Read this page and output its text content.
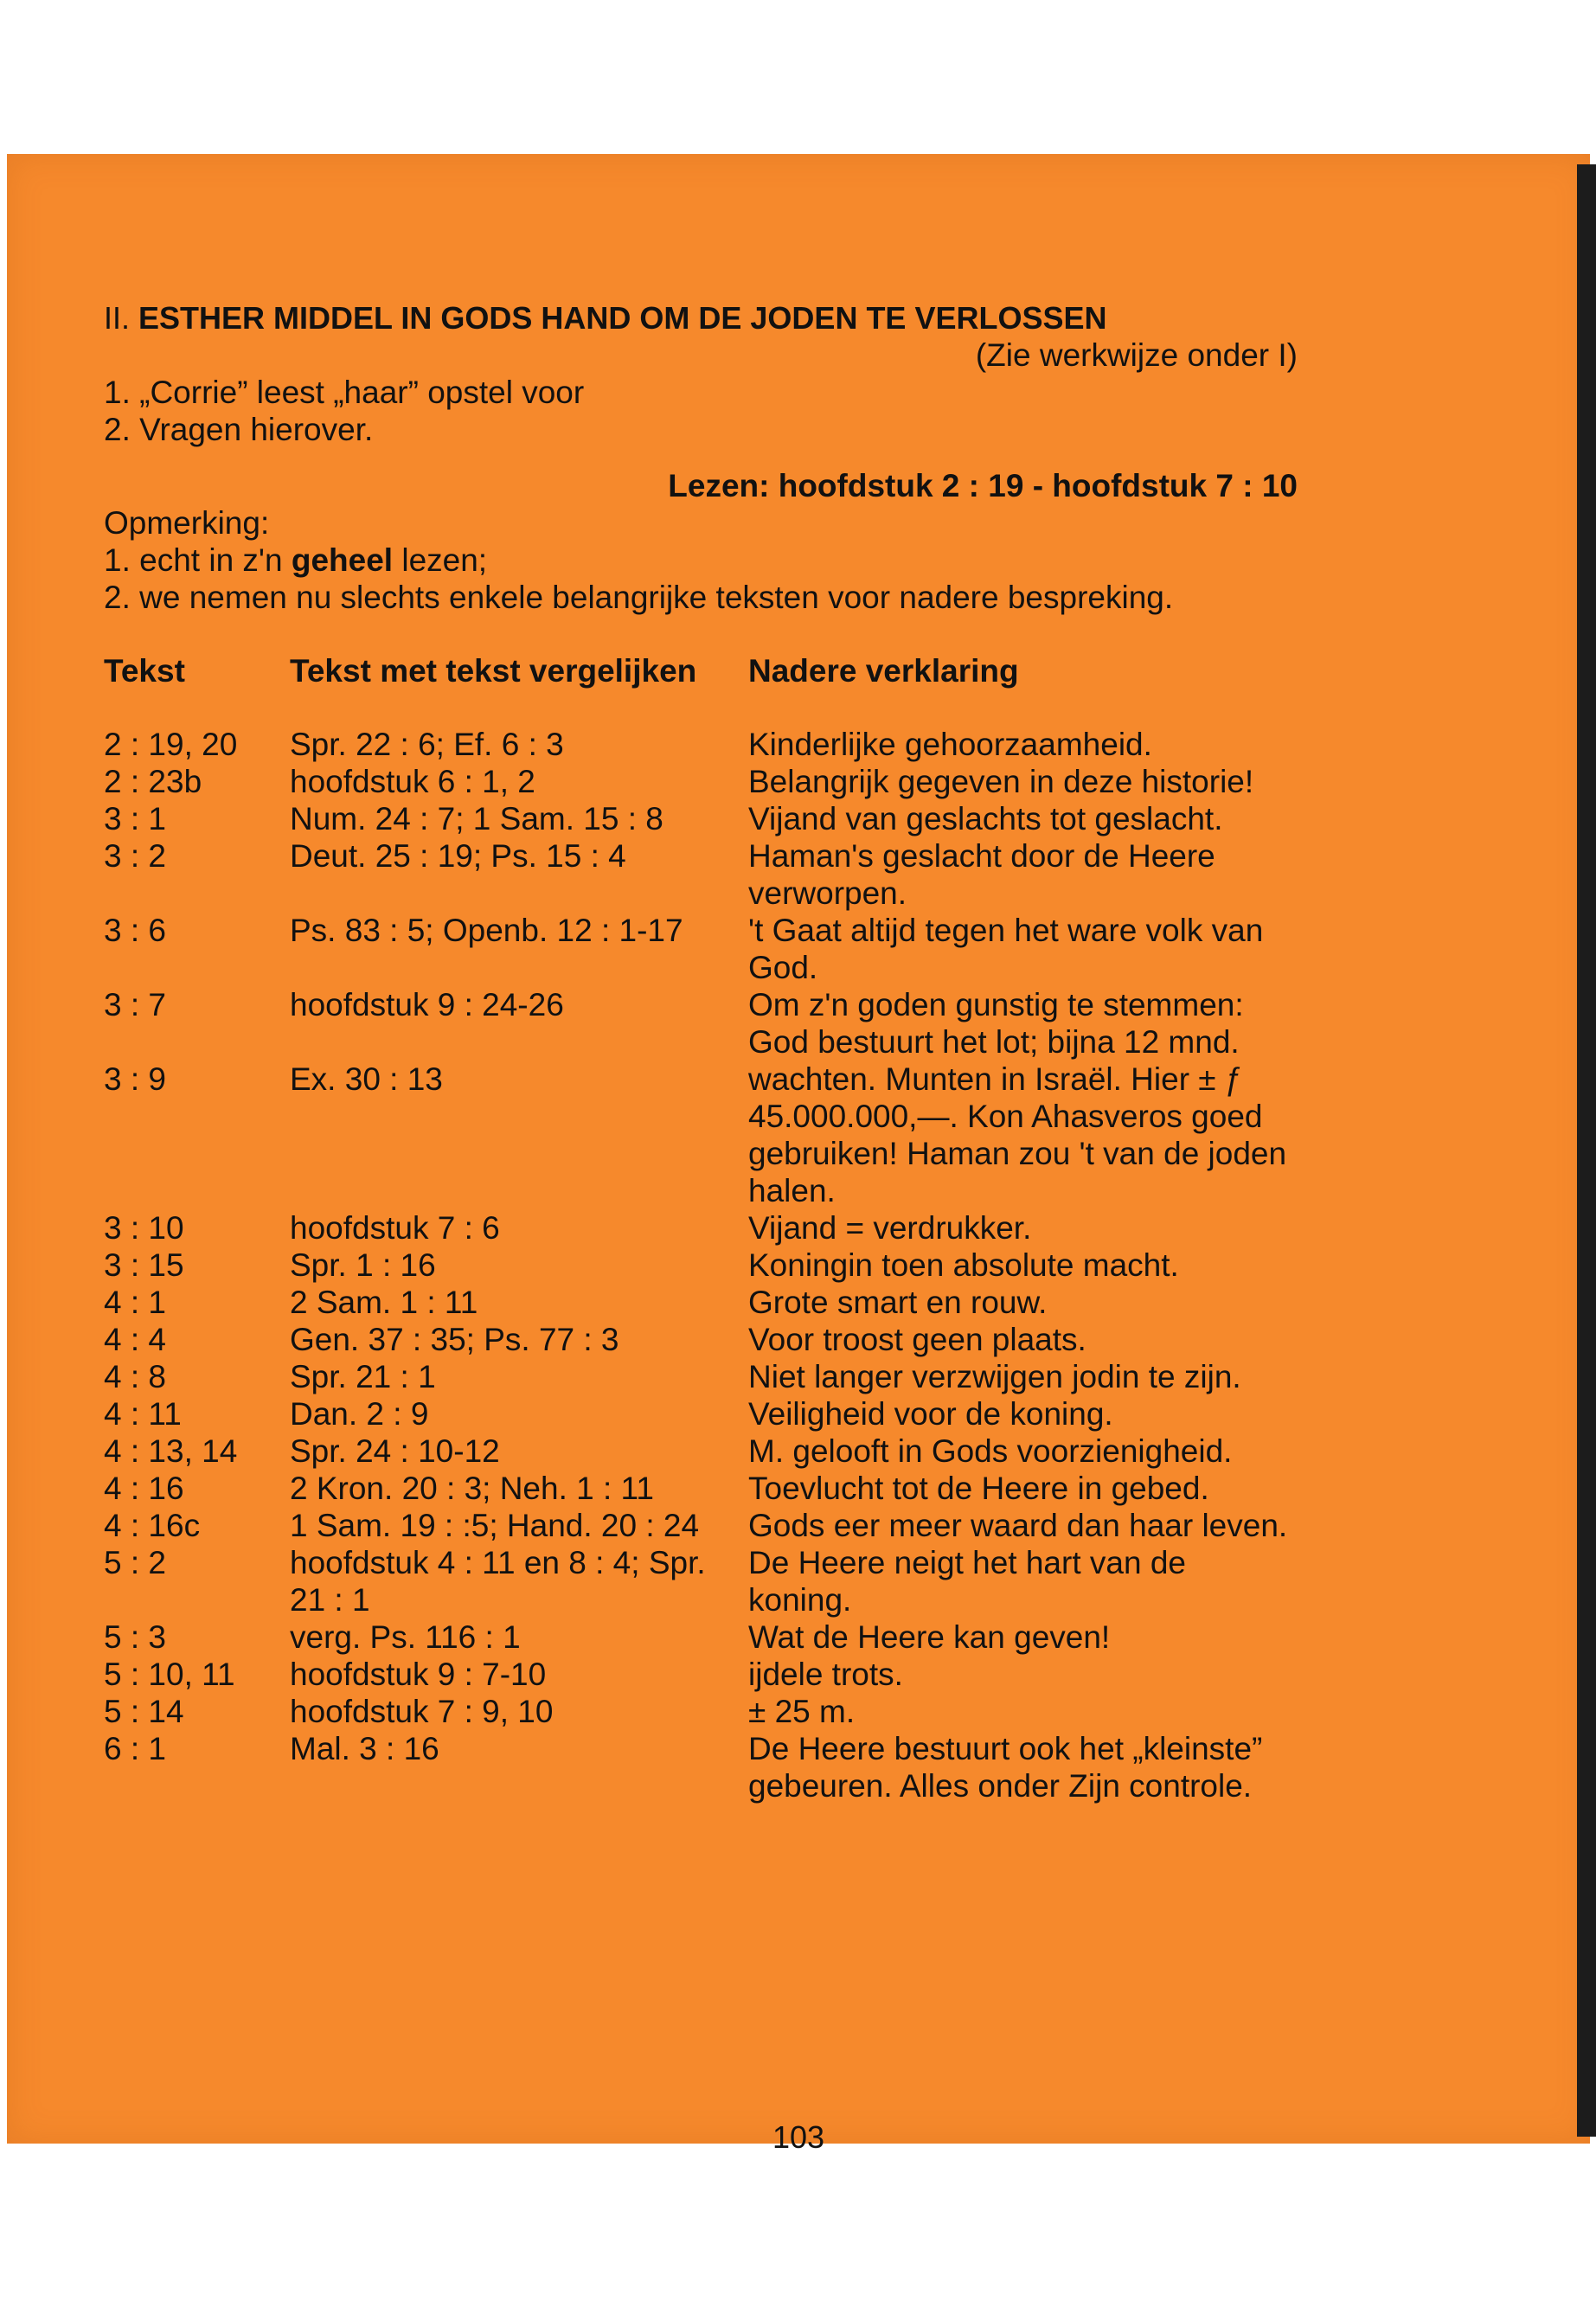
II. ESTHER MIDDEL IN GODS HAND OM DE JODEN TE VERLOSSEN
(Zie werkwijze onder I)
1. „Corrie” leest „haar” opstel voor
2. Vragen hierover.
Lezen: hoofdstuk 2 : 19 - hoofdstuk 7 : 10
Opmerking:
1. echt in z'n geheel lezen;
2. we nemen nu slechts enkele belangrijke teksten voor nadere bespreking.
Tekst	Tekst met tekst vergelijken	Nadere verklaring
2 : 19, 20	Spr. 22 : 6; Ef. 6 : 3	Kinderlijke gehoorzaamheid.
2 : 23b	hoofdstuk 6 : 1, 2	Belangrijk gegeven in deze historie!
3 : 1	Num. 24 : 7; 1 Sam. 15 : 8	Vijand van geslachts tot geslacht.
3 : 2	Deut. 25 : 19; Ps. 15 : 4	Haman's geslacht door de Heere verworpen.
3 : 6	Ps. 83 : 5; Openb. 12 : 1-17	't Gaat altijd tegen het ware volk van God.
3 : 7	hoofdstuk 9 : 24-26	Om z'n goden gunstig te stemmen: God bestuurt het lot; bijna 12 mnd.
3 : 9	Ex. 30 : 13	wachten. Munten in Israël. Hier ± ƒ 45.000.000,—. Kon Ahasveros goed gebruiken! Haman zou 't van de joden halen.
3 : 10	hoofdstuk 7 : 6	Vijand = verdrukker.
3 : 15	Spr. 1 : 16	Koningin toen absolute macht.
4 : 1	2 Sam. 1 : 11	Grote smart en rouw.
4 : 4	Gen. 37 : 35; Ps. 77 : 3	Voor troost geen plaats.
4 : 8	Spr. 21 : 1	Niet langer verzwijgen jodin te zijn.
4 : 11	Dan. 2 : 9	Veiligheid voor de koning.
4 : 13, 14	Spr. 24 : 10-12	M. gelooft in Gods voorzienigheid.
4 : 16	2 Kron. 20 : 3; Neh. 1 : 11	Toevlucht tot de Heere in gebed.
4 : 16c	1 Sam. 19 : :5; Hand. 20 : 24	Gods eer meer waard dan haar leven.
5 : 2	hoofdstuk 4 : 11 en 8 : 4; Spr. 21 : 1	De Heere neigt het hart van de koning.
5 : 3	verg. Ps. 116 : 1	Wat de Heere kan geven!
5 : 10, 11	hoofdstuk 9 : 7-10	ijdele trots.
5 : 14	hoofdstuk 7 : 9, 10	± 25 m.
6 : 1	Mal. 3 : 16	De Heere bestuurt ook het „kleinste” gebeuren. Alles onder Zijn controle.
103
